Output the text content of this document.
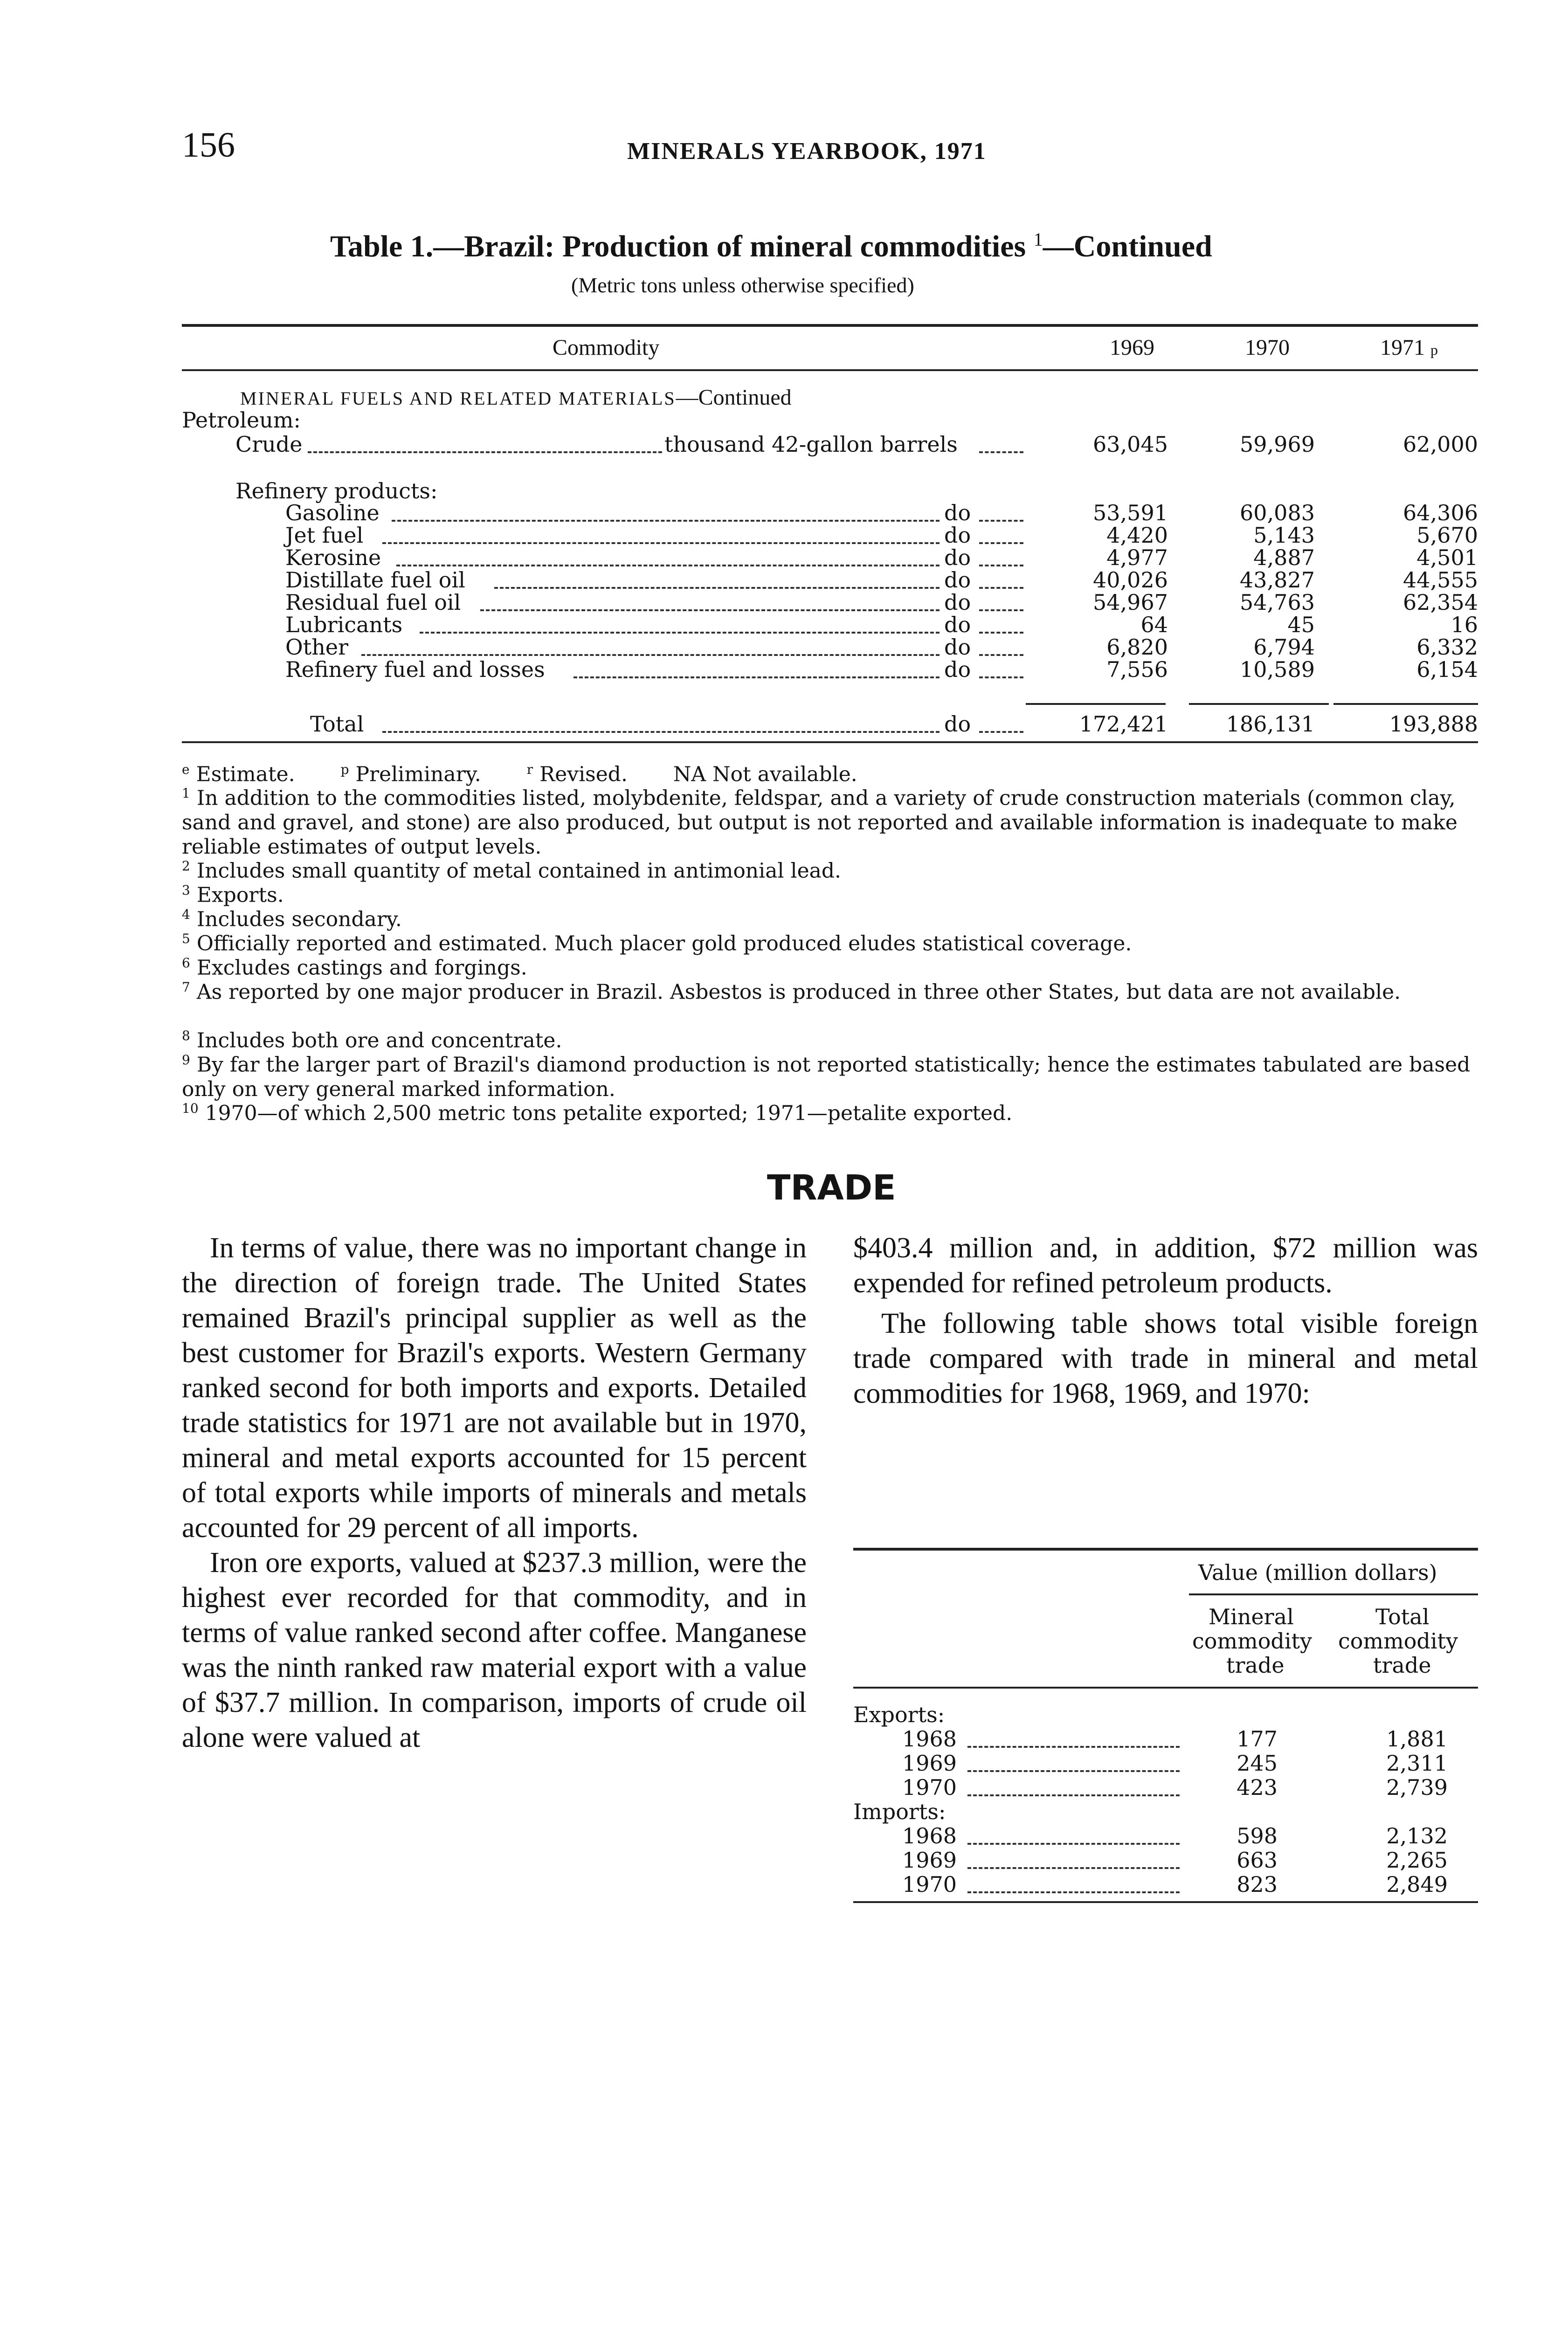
156	MINERALS YEARBOOK, 1971
Table 1.—Brazil: Production of mineral commodities $^1$—Continued
(Metric tons unless otherwise specified)
Commodity	1969	1970	1971 p
MINERAL FUELS AND RELATED MATERIALS—Continued
Petroleum:
Crude	thousand 42-gallon barrels	63,045	59,969	62,000
Refinery products:
Gasoline	do	53,591	60,083	64,306
Jet fuel	do	4,420	5,143	5,670
Kerosine	do	4,977	4,887	4,501
Distillate fuel oil	do	40,026	43,827	44,555
Residual fuel oil	do	54,967	54,763	62,354
Lubricants	do	64	45	16
Other	do	6,820	6,794	6,332
Refinery fuel and losses	do	7,556	10,589	6,154
Total	do	172,421	186,131	193,888
$^e$ Estimate.	$^p$ Preliminary.	$^r$ Revised. NA Not available.
$^1$ In addition to the commodities listed, molybdenite, feldspar, and a variety of crude construction materials (common clay, sand and gravel, and stone) are also produced, but output is not reported and available information is inadequate to make reliable estimates of output levels.
$^2$ Includes small quantity of metal contained in antimonial lead.
$^3$ Exports.
$^4$ Includes secondary.
$^5$ Officially reported and estimated. Much placer gold produced eludes statistical coverage.
$^6$ Excludes castings and forgings.
$^7$ As reported by one major producer in Brazil. Asbestos is produced in three other States, but data are not available.
$^8$ Includes both ore and concentrate.
$^9$ By far the larger part of Brazil's diamond production is not reported statistically; hence the estimates tabulated are based only on very general marked information.
$^{10}$ 1970—of which 2,500 metric tons petalite exported; 1971—petalite exported.
TRADE

In terms of value, there was no important change in the direction of foreign trade. The United States remained Brazil's principal supplier as well as the best customer for Brazil's exports. Western Germany ranked second for both imports and exports. Detailed trade statistics for 1971 are not available but in 1970, mineral and metal exports accounted for 15 percent of total exports while imports of minerals and metals accounted for 29 percent of all imports.

Iron ore exports, valued at $237.3 million, were the highest ever recorded for that commodity, and in terms of value ranked second after coffee. Manganese was the ninth ranked raw material export with a value of $37.7 million. In comparison, imports of crude oil alone were valued at

$403.4 million and, in addition, $72 million was expended for refined petroleum products.

The following table shows total visible foreign trade compared with trade in mineral and metal commodities for 1968, 1969, and 1970:

Value (million dollars)
Mineral
commodity
trade
Total
commodity
trade
Exports:
1968	177	1,881
1969	245	2,311
1970	423	2,739
Imports:
1968	598	2,132
1969	663	2,265
1970	823	2,849
